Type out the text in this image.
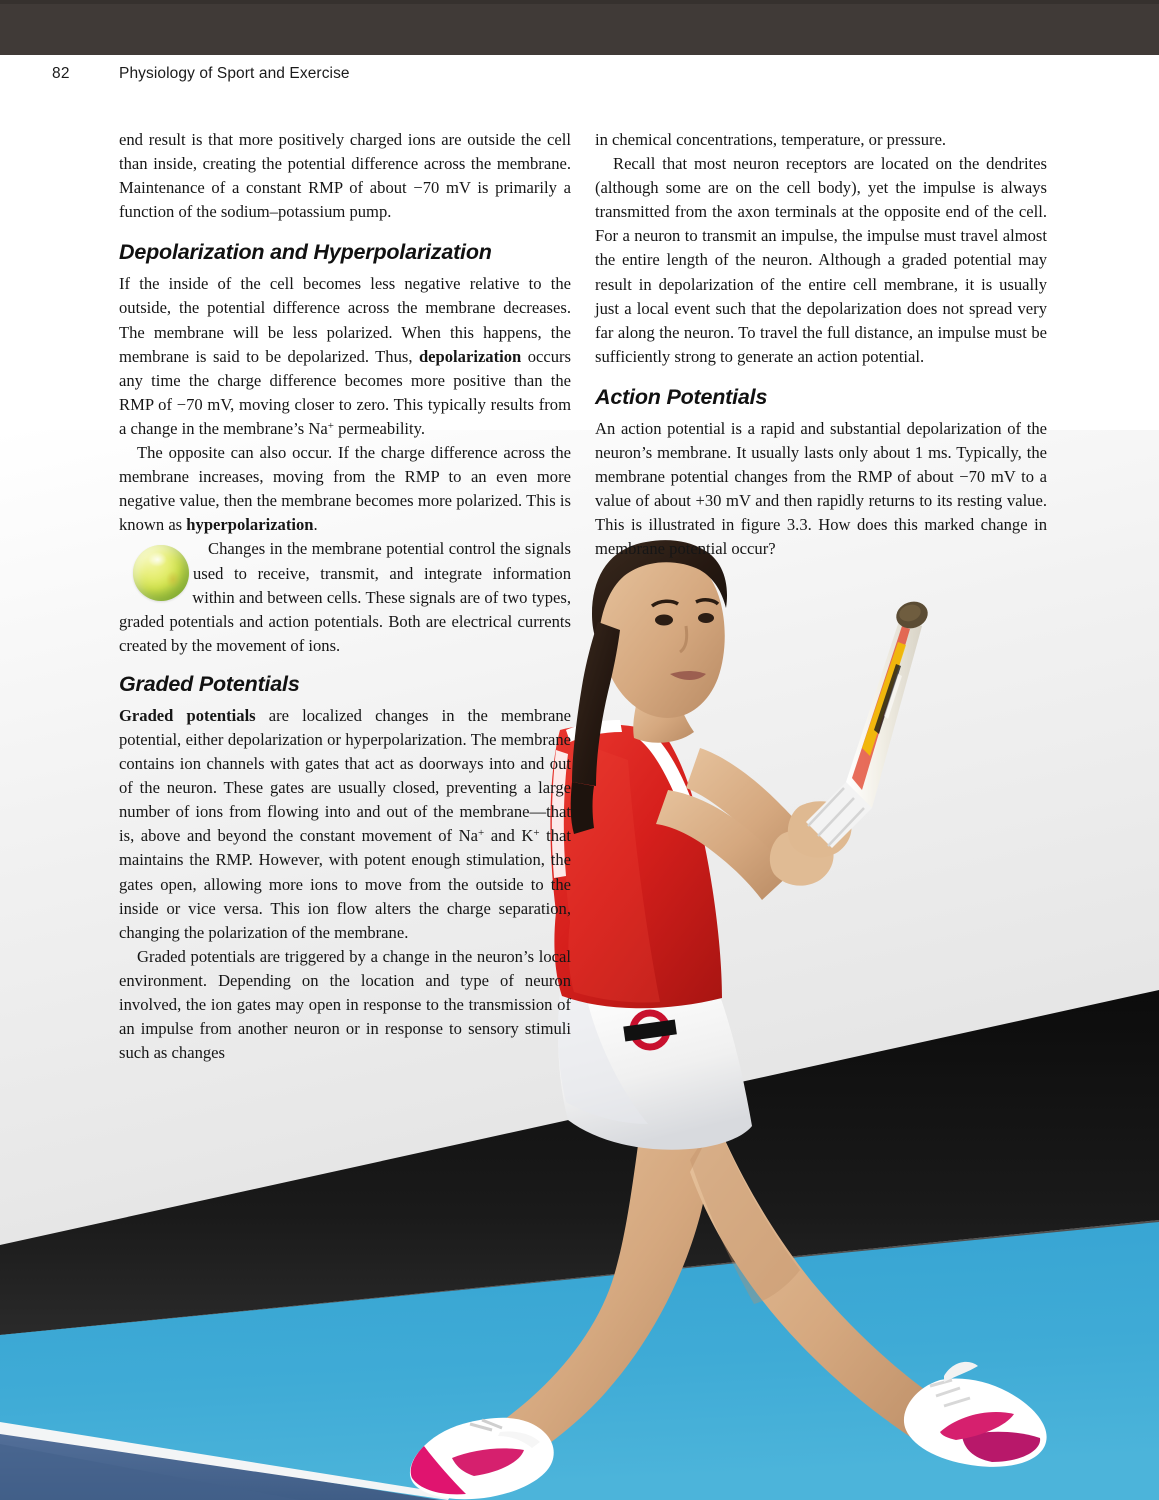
82	Physiology of Sport and Exercise

end result is that more positively charged ions are outside the cell than inside, creating the potential difference across the membrane. Maintenance of a constant RMP of about −70 mV is primarily a function of the sodium–potassium pump.

Depolarization and Hyperpolarization

If the inside of the cell becomes less negative relative to the outside, the potential difference across the membrane decreases. The membrane will be less polarized. When this happens, the membrane is said to be depolarized. Thus, depolarization occurs any time the charge difference becomes more positive than the RMP of −70 mV, moving closer to zero. This typically results from a change in the membrane’s Na+ permeability.

The opposite can also occur. If the charge difference across the membrane increases, moving from the RMP to an even more negative value, then the membrane becomes more polarized. This is known as hyperpolarization.

Changes in the membrane potential control the signals used to receive, transmit, and integrate information within and between cells. These signals are of two types, graded potentials and action potentials. Both are electrical currents created by the movement of ions.

Graded Potentials

Graded potentials are localized changes in the membrane potential, either depolarization or hyperpolarization. The membrane contains ion channels with gates that act as doorways into and out of the neuron. These gates are usually closed, preventing a large number of ions from flowing into and out of the membrane—that is, above and beyond the constant movement of Na+ and K+ that maintains the RMP. However, with potent enough stimulation, the gates open, allowing more ions to move from the outside to the inside or vice versa. This ion flow alters the charge separation, changing the polarization of the membrane.

Graded potentials are triggered by a change in the neuron’s local environment. Depending on the location and type of neuron involved, the ion gates may open in response to the transmission of an impulse from another neuron or in response to sensory stimuli such as changes

in chemical concentrations, temperature, or pressure.

Recall that most neuron receptors are located on the dendrites (although some are on the cell body), yet the impulse is always transmitted from the axon terminals at the opposite end of the cell. For a neuron to transmit an impulse, the impulse must travel almost the entire length of the neuron. Although a graded potential may result in depolarization of the entire cell membrane, it is usually just a local event such that the depolarization does not spread very far along the neuron. To travel the full distance, an impulse must be sufficiently strong to generate an action potential.

Action Potentials

An action potential is a rapid and substantial depolarization of the neuron’s membrane. It usually lasts only about 1 ms. Typically, the membrane potential changes from the RMP of about −70 mV to a value of about +30 mV and then rapidly returns to its resting value. This is illustrated in figure 3.3. How does this marked change in membrane potential occur?
